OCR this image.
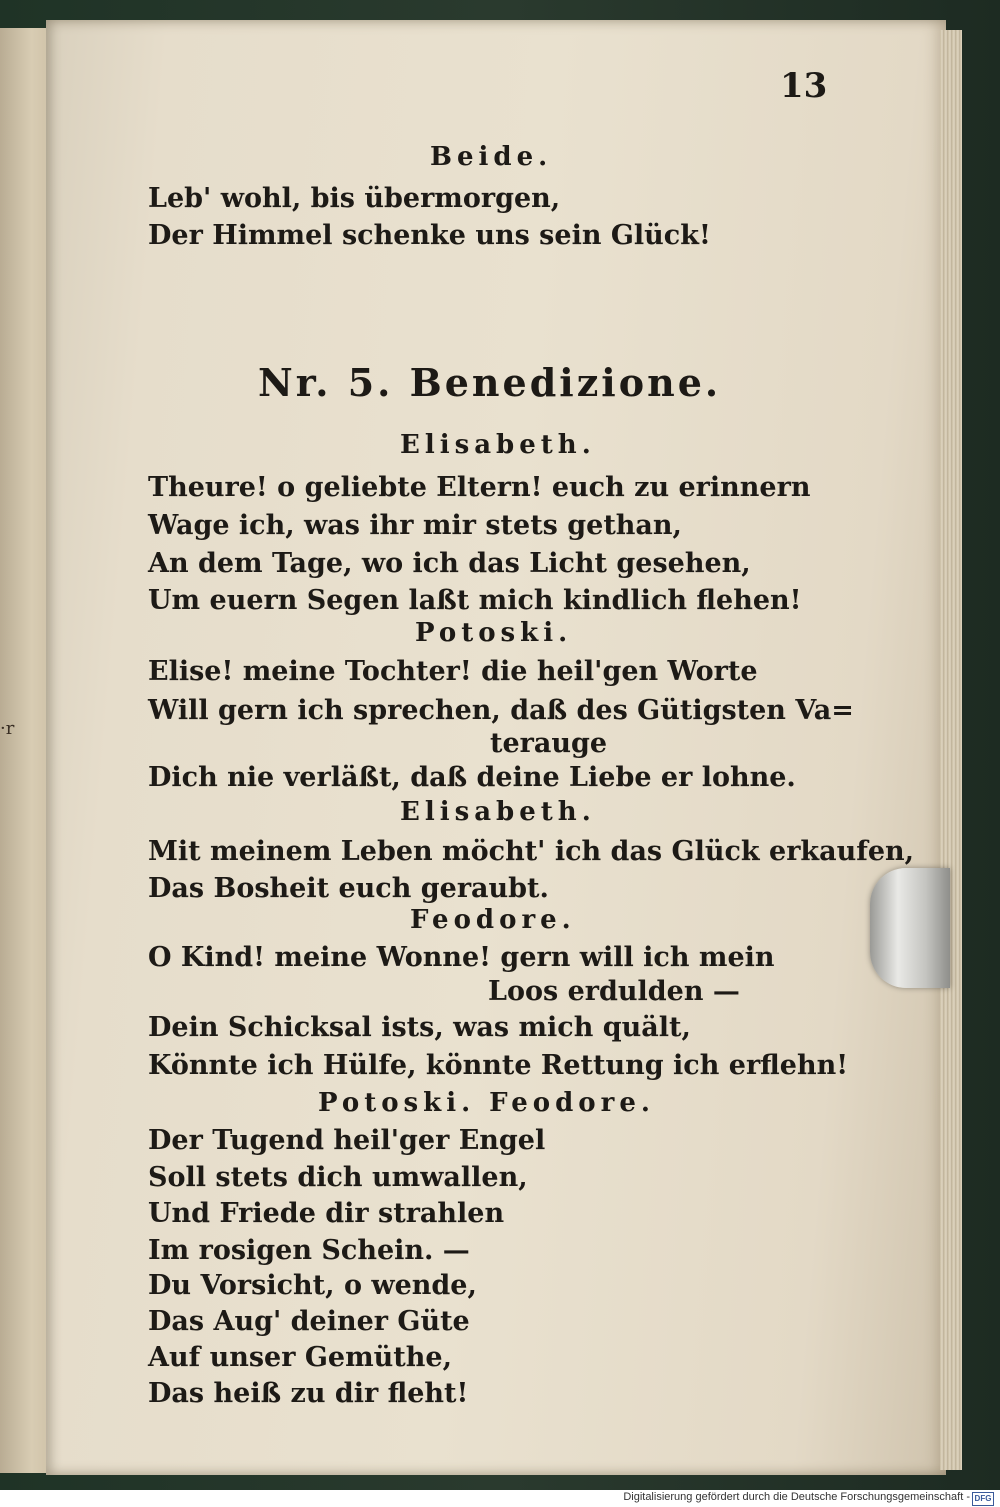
·r
13
Beide.
Leb' wohl, bis übermorgen,
Der Himmel schenke uns sein Glück!
Nr. 5. Benedizione.
Elisabeth.
Theure! o geliebte Eltern! euch zu erinnern
Wage ich, was ihr mir stets gethan,
An dem Tage, wo ich das Licht gesehen,
Um euern Segen laßt mich kindlich flehen!
Potoski.
Elise! meine Tochter! die heil'gen Worte
Will gern ich sprechen, daß des Gütigsten Va=
terauge
Dich nie verläßt, daß deine Liebe er lohne.
Elisabeth.
Mit meinem Leben möcht' ich das Glück erkaufen,
Das Bosheit euch geraubt.
Feodore.
O Kind! meine Wonne! gern will ich mein
Loos erdulden —
Dein Schicksal ists, was mich quält,
Könnte ich Hülfe, könnte Rettung ich erflehn!
Potoski. Feodore.
Der Tugend heil'ger Engel
Soll stets dich umwallen,
Und Friede dir strahlen
Im rosigen Schein. —
Du Vorsicht, o wende,
Das Aug' deiner Güte
Auf unser Gemüthe,
Das heiß zu dir fleht!
Digitalisierung gefördert durch die Deutsche Forschungsgemeinschaft - DFG
